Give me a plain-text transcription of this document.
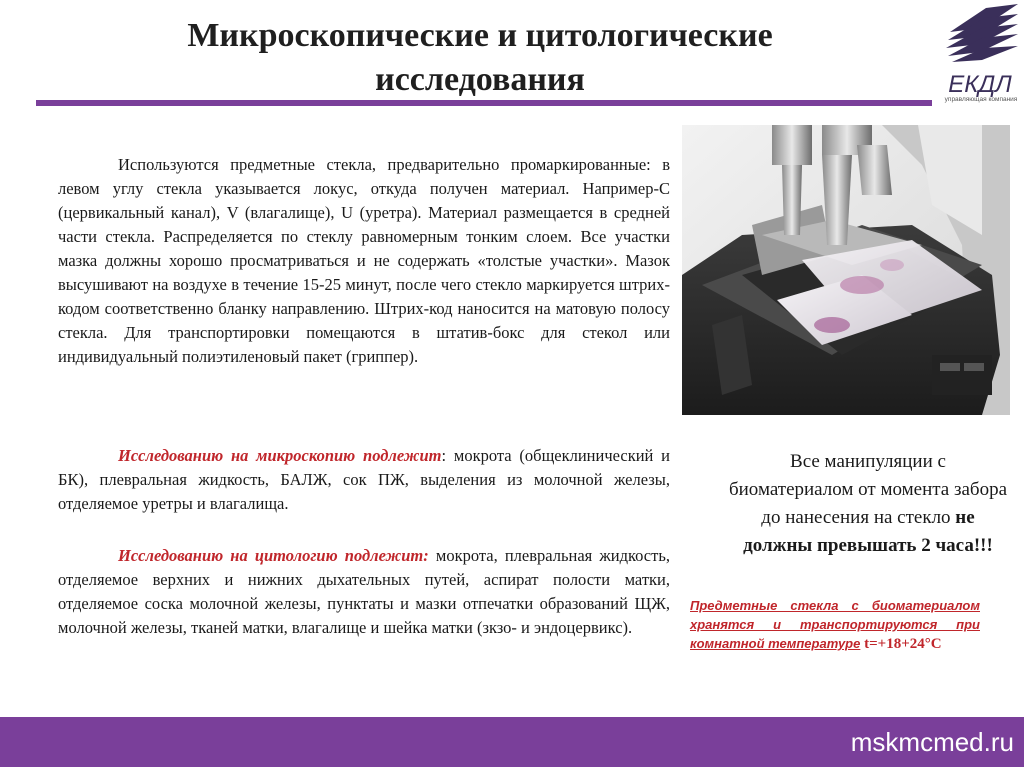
Микроскопические и цитологические
исследования	ЕКДЛ
управляющая компания
Используются предметные стекла, предварительно промаркированные: в левом углу стекла указывается локус, откуда получен материал. Например-С (цервикальный канал), V (влагалище), U (уретра). Материал размещается в средней части стекла. Распределяется по стеклу равномерным тонким слоем. Все участки мазка должны хорошо просматриваться и не содержать «толстые участки». Мазок высушивают на воздухе в течение 15-25 минут, после чего стекло маркируется штрих-кодом соответственно бланку направлению. Штрих-код наносится на матовую полосу стекла. Для транспортировки помещаются в штатив-бокс для стекол или индивидуальный полиэтиленовый пакет (гриппер).
Исследованию на микроскопию подлежит: мокрота (общеклинический и БК), плевральная жидкость, БАЛЖ, сок ПЖ, выделения из молочной железы, отделяемое уретры и влагалища.
Исследованию на цитологию подлежит: мокрота, плевральная жидкость, отделяемое верхних и нижних дыхательных путей, аспират полости матки, отделяемое соска молочной железы, пунктаты и мазки отпечатки образований ЩЖ, молочной железы, тканей матки, влагалище и шейка матки (зкзо- и эндоцервикс).
Все манипуляции с биоматериалом от момента забора до нанесения на стекло не должны превышать 2 часа!!!
Предметные стекла с биоматериалом хранятся и транспортируются при комнатной температуре t=+18+24°С
mskmcmed.ru
